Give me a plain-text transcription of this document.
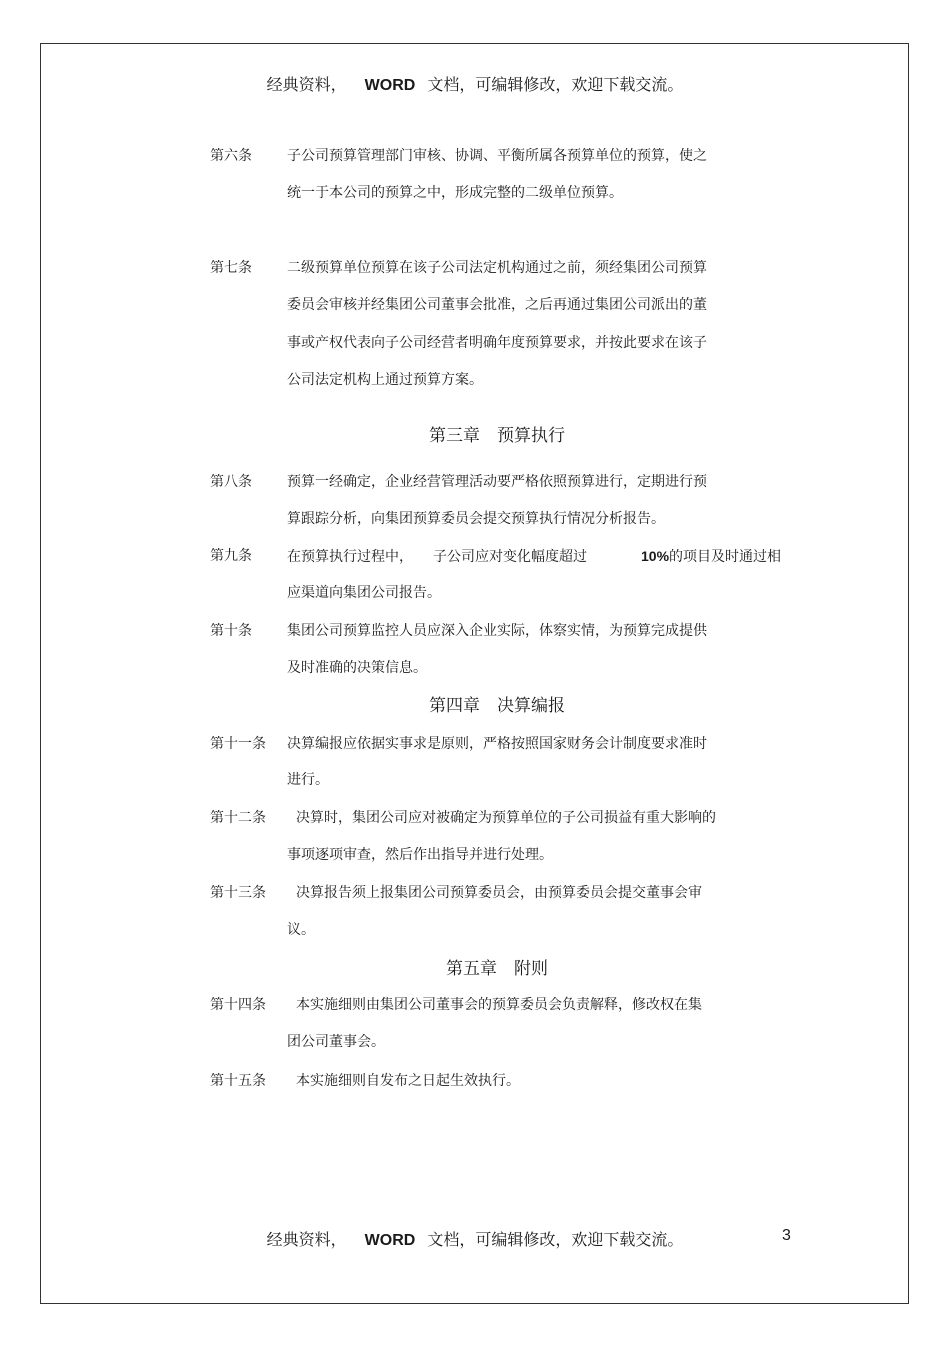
经典资料， WORD 文档，可编辑修改，欢迎下载交流。
第六条	子公司预算管理部门审核、协调、平衡所属各预算单位的预算，使之
统一于本公司的预算之中，形成完整的二级单位预算。
第七条	二级预算单位预算在该子公司法定机构通过之前，须经集团公司预算
委员会审核并经集团公司董事会批准，之后再通过集团公司派出的董
事或产权代表向子公司经营者明确年度预算要求，并按此要求在该子
公司法定机构上通过预算方案。
第三章　预算执行
第八条	预算一经确定，企业经营管理活动要严格依照预算进行，定期进行预
算跟踪分析，向集团预算委员会提交预算执行情况分析报告。
第九条	在预算执行过程中， 子公司应对变化幅度超过	10%的项目及时通过相
应渠道向集团公司报告。
第十条	集团公司预算监控人员应深入企业实际，体察实情，为预算完成提供
及时准确的决策信息。
第四章　决算编报
第十一条 决算编报应依据实事求是原则，严格按照国家财务会计制度要求准时
进行。
第十二条 决算时，集团公司应对被确定为预算单位的子公司损益有重大影响的
事项逐项审查，然后作出指导并进行处理。
第十三条 决算报告须上报集团公司预算委员会，由预算委员会提交董事会审
议。
第五章　附则
第十四条 本实施细则由集团公司董事会的预算委员会负责解释，修改权在集
团公司董事会。
第十五条 本实施细则自发布之日起生效执行。
经典资料， WORD 文档，可编辑修改，欢迎下载交流。	3
